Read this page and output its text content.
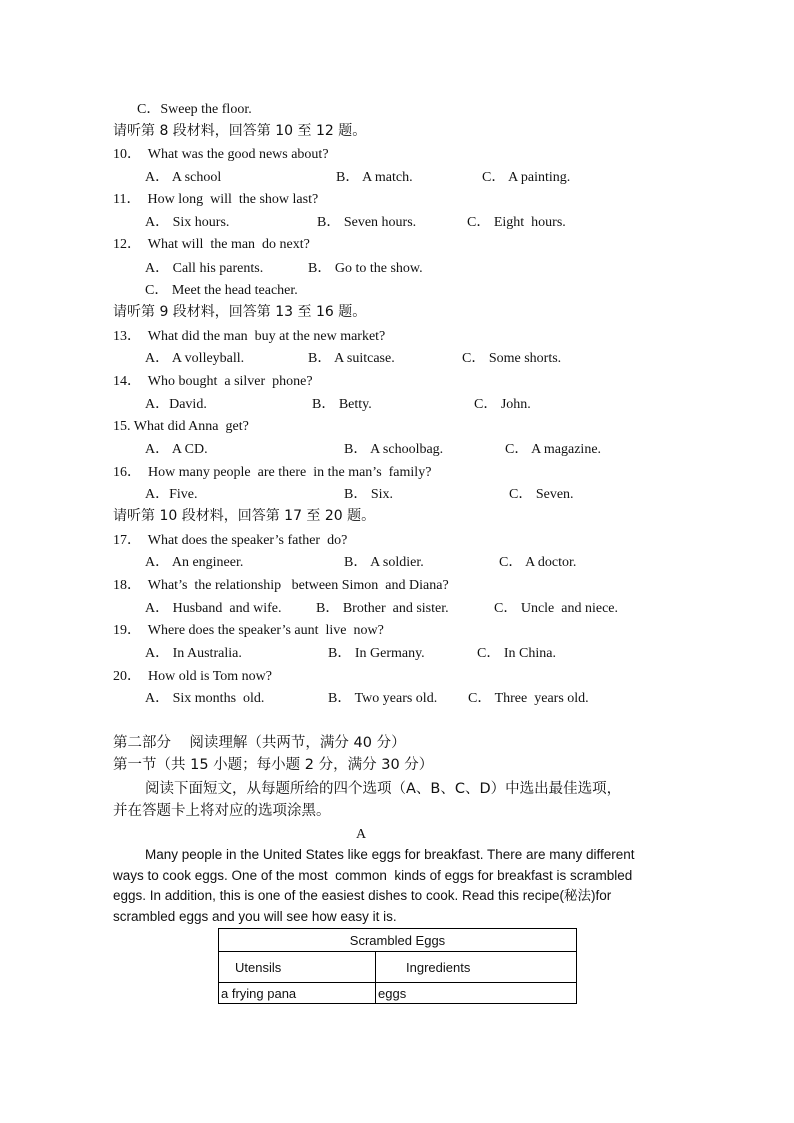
C．Sweep the floor.
请听第 8 段材料，回答第 10 至 12 题。
10．  What was the good news about?
A． A school	B． A match.	C． A painting.
11．  How long  will  the show last?
A． Six hours.	B． Seven hours.	C． Eight  hours.
12．  What will  the man  do next?
A． Call his parents.	B． Go to the show.
C． Meet the head teacher.
请听第 9 段材料，回答第 13 至 16 题。
13．  What did the man  buy at the new market?
A． A volleyball.	B． A suitcase.	C． Some shorts.
14．  Who bought  a silver  phone?
A．David.	B． Betty.	C． John.
15. What did Anna  get?
A． A CD.	B． A schoolbag.	C． A magazine.
16．  How many people  are there  in the man’s  family?
A．Five.	B． Six.	C． Seven.
请听第 10 段材料，回答第 17 至 20 题。
17．  What does the speaker’s father  do?
A． An engineer.	B． A soldier.	C． A doctor.
18．  What’s  the relationship   between Simon  and Diana?
A． Husband  and wife. B． Brother  and sister.	C． Uncle  and niece.
19．  Where does the speaker’s aunt  live  now?
A． In Australia.	B． In Germany.	C． In China.
20．  How old is Tom now?
A． Six months  old.	B． Two years old. C． Three  years old.
第二部分    阅读理解（共两节，满分 40 分）
第一节（共 15 小题；每小题 2 分，满分 30 分）
阅读下面短文，从每题所给的四个选项（A、B、C、D）中选出最佳选项，
并在答题卡上将对应的选项涂黑。
A
Many people in the United States like eggs for breakfast. There are many different
ways to cook eggs. One of the most  common  kinds of eggs for breakfast is scrambled
eggs. In addition, this is one of the easiest dishes to cook. Read this recipe(秘法)for
scrambled eggs and you will see how easy it is.
Scrambled Eggs	
Utensils	Ingredients
a frying pana	eggs
